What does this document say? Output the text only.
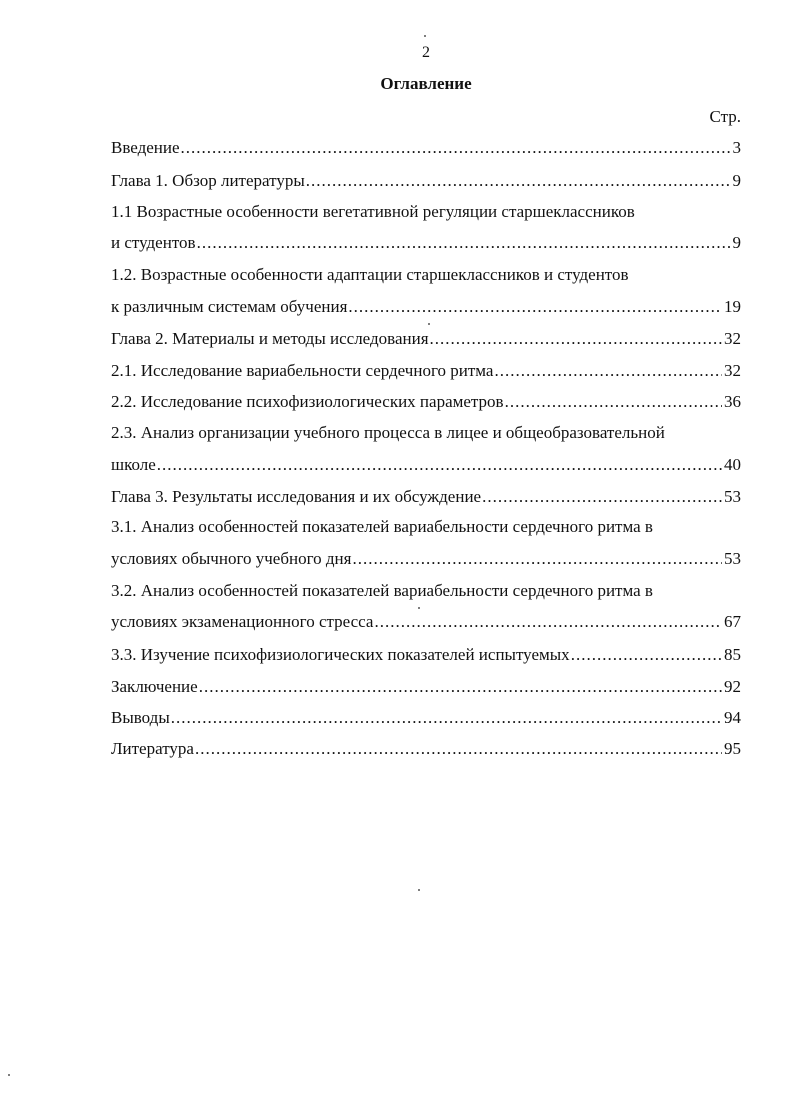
2
Оглавление
Стр.
Введение .....	3
Глава 1. Обзор литературы .....	9
1.1 Возрастные особенности вегетативной регуляции старшеклассников
и студентов .....	9
1.2. Возрастные особенности адаптации старшеклассников и студентов
к различным системам обучения .....	19
Глава 2. Материалы и методы исследования .....	32
2.1. Исследование вариабельности сердечного ритма .....	32
2.2. Исследование психофизиологических параметров .....	36
2.3. Анализ организации учебного процесса в лицее и общеобразовательной
школе .....	40
Глава 3. Результаты исследования и их обсуждение .....	53
3.1. Анализ особенностей показателей вариабельности сердечного ритма в
условиях обычного учебного дня .....	53
3.2. Анализ особенностей показателей вариабельности сердечного ритма в
условиях экзаменационного стресса .....	67
3.3. Изучение психофизиологических показателей испытуемых .....	85
Заключение .....	92
Выводы .....	94
Литература .....	95
